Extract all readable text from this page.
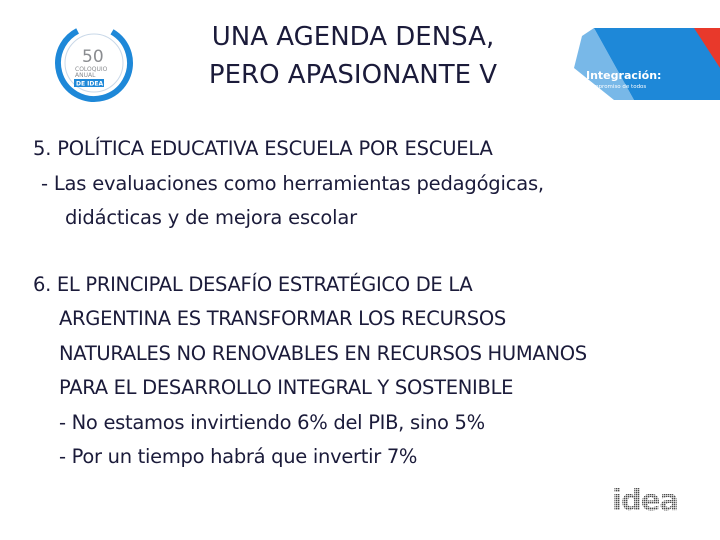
50
COLOQUIO
ANUAL
DE IDEA
UNA AGENDA DENSA,
PERO APASIONANTE V	Integración:
Compromiso de todos
5. POLÍTICA EDUCATIVA ESCUELA POR ESCUELA
- Las evaluaciones como herramientas pedagógicas,
didácticas y de mejora escolar
6. EL PRINCIPAL DESAFÍO ESTRATÉGICO DE LA
ARGENTINA ES TRANSFORMAR LOS RECURSOS
NATURALES NO RENOVABLES EN RECURSOS HUMANOS
PARA EL DESARROLLO INTEGRAL Y SOSTENIBLE
- No estamos invirtiendo 6% del PIB, sino 5%
- Por un tiempo habrá que invertir 7%
idea
